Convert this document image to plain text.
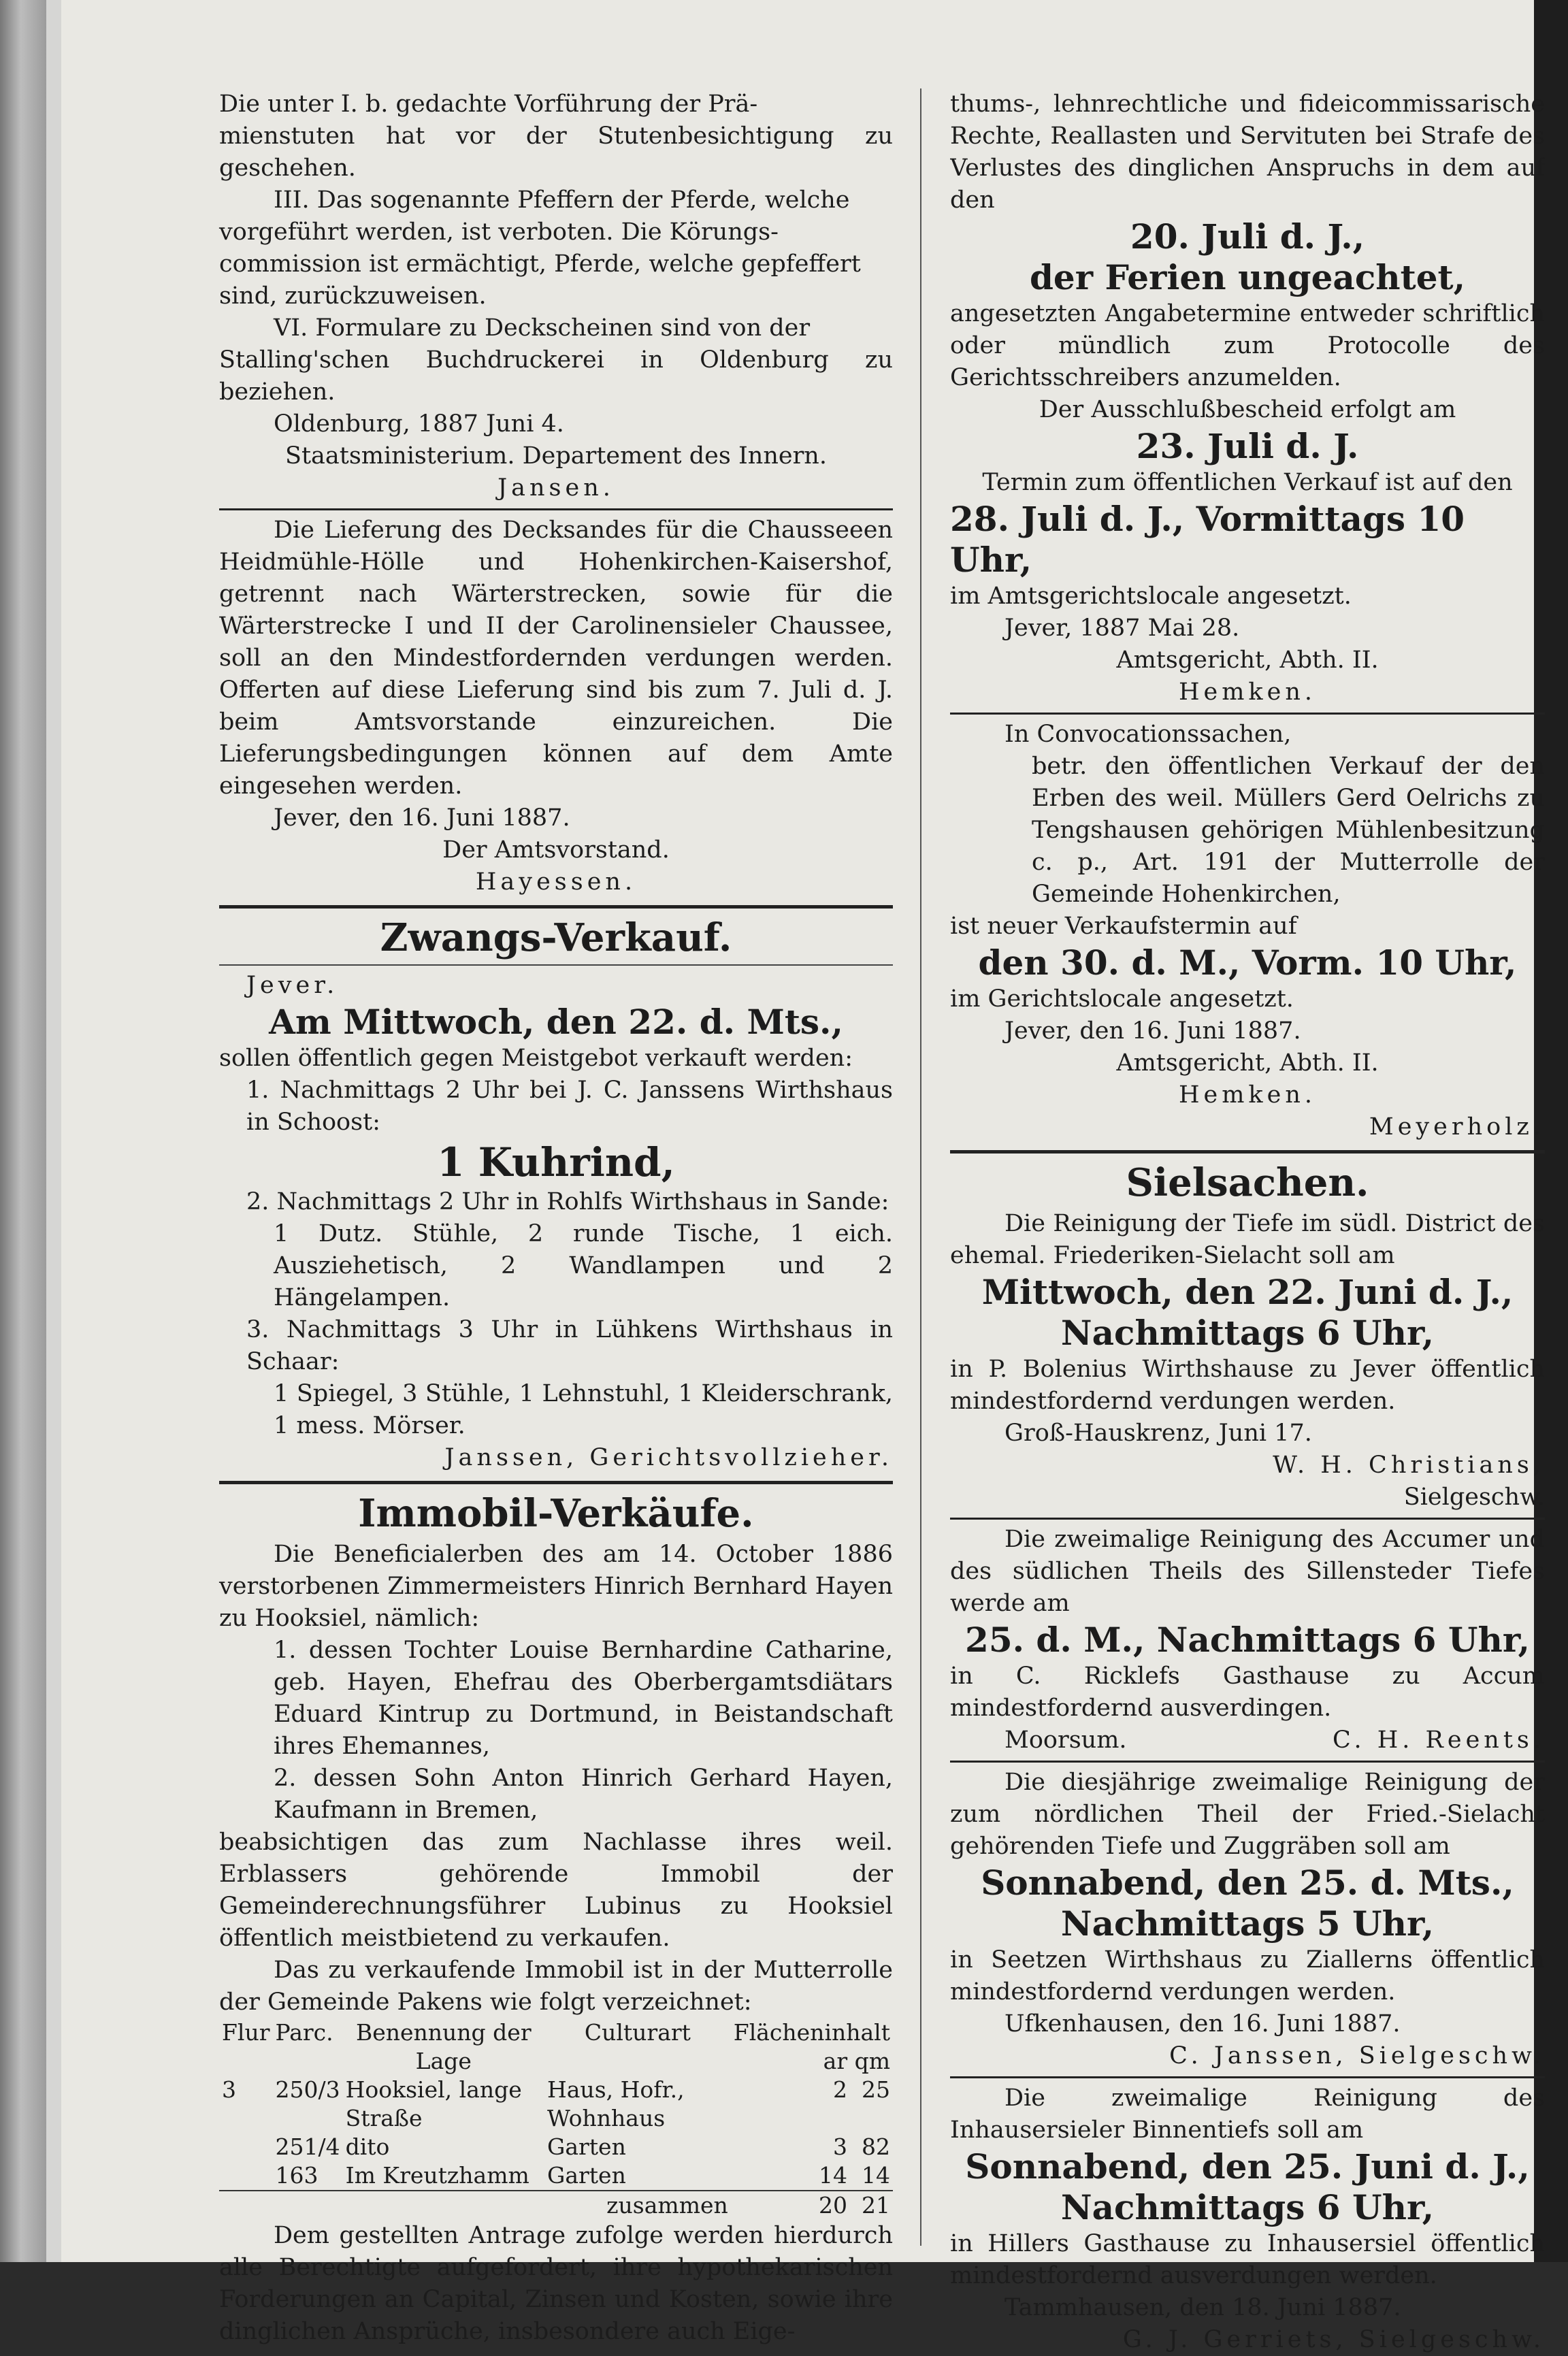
Die unter I. b. gedachte Vorführung der Prä-

mienstuten hat vor der Stutenbesichtigung zu geschehen.

III. Das sogenannte Pfeffern der Pferde, welche

vorgeführt werden, ist verboten. Die Körungs-

commission ist ermächtigt, Pferde, welche gepfeffert

sind, zurückzuweisen.

VI. Formulare zu Deckscheinen sind von der

Stalling'schen Buchdruckerei in Oldenburg zu beziehen.

Oldenburg, 1887 Juni 4.

Staatsministerium. Departement des Innern.

Jansen.

Die Lieferung des Decksandes für die Chausseeen Heidmühle-Hölle und Hohenkirchen-Kaisershof, getrennt nach Wärterstrecken, sowie für die Wärterstrecke I und II der Carolinensieler Chaussee, soll an den Mindestfordernden verdungen werden. Offerten auf diese Lieferung sind bis zum 7. Juli d. J. beim Amtsvorstande einzureichen. Die Lieferungsbedingungen können auf dem Amte eingesehen werden.

Jever, den 16. Juni 1887.

Der Amtsvorstand.

Hayessen.

Zwangs-Verkauf.

Jever.

Am Mittwoch, den 22. d. Mts.,

sollen öffentlich gegen Meistgebot verkauft werden:

1. Nachmittags 2 Uhr bei J. C. Janssens Wirthshaus in Schoost:

1 Kuhrind,

2. Nachmittags 2 Uhr in Rohlfs Wirthshaus in Sande:

1 Dutz. Stühle, 2 runde Tische, 1 eich. Ausziehetisch, 2 Wandlampen und 2 Hängelampen.

3. Nachmittags 3 Uhr in Lühkens Wirthshaus in Schaar:

1 Spiegel, 3 Stühle, 1 Lehnstuhl, 1 Kleiderschrank, 1 mess. Mörser.

Janssen, Gerichtsvollzieher.

Immobil-Verkäufe.

Die Beneficialerben des am 14. October 1886 verstorbenen Zimmermeisters Hinrich Bernhard Hayen zu Hooksiel, nämlich:

1. dessen Tochter Louise Bernhardine Catharine, geb. Hayen, Ehefrau des Oberbergamtsdiätars Eduard Kintrup zu Dortmund, in Beistandschaft ihres Ehemannes,

2. dessen Sohn Anton Hinrich Gerhard Hayen, Kaufmann in Bremen,

beabsichtigen das zum Nachlasse ihres weil. Erblassers gehörende Immobil der Gemeinderechnungsführer Lubinus zu Hooksiel öffentlich meistbietend zu verkaufen.

Das zu verkaufende Immobil ist in der Mutterrolle der Gemeinde Pakens wie folgt verzeichnet:

Flur	Parc.	Benennung der Lage	Culturart	Flächeninhalt
ar qm

3	250/3	Hooksiel, lange Straße	Haus, Hofr., Wohnhaus	2 25
	251/4	dito	Garten	3 82
	163	Im Kreutzhamm	Garten	14 14
zusammen				20 21

Dem gestellten Antrage zufolge werden hierdurch alle Berechtigte aufgefordert, ihre hypothekarischen Forderungen an Capital, Zinsen und Kosten, sowie ihre dinglichen Ansprüche, insbesondere auch Eige-

thums-, lehnrechtliche und fideicommissarische Rechte, Reallasten und Servituten bei Strafe des Verlustes des dinglichen Anspruchs in dem auf den

20. Juli d. J.,
der Ferien ungeachtet,

angesetzten Angabetermine entweder schriftlich oder mündlich zum Protocolle des Gerichtsschreibers anzumelden.

Der Ausschlußbescheid erfolgt am

23. Juli d. J.

Termin zum öffentlichen Verkauf ist auf den

28. Juli d. J., Vormittags 10 Uhr,

im Amtsgerichtslocale angesetzt.

Jever, 1887 Mai 28.

Amtsgericht, Abth. II.

Hemken.

In Convocationssachen,

betr. den öffentlichen Verkauf der den Erben des weil. Müllers Gerd Oelrichs zu Tengshausen gehörigen Mühlenbesitzung c. p., Art. 191 der Mutterrolle der Gemeinde Hohenkirchen,

ist neuer Verkaufstermin auf

den 30. d. M., Vorm. 10 Uhr,

im Gerichtslocale angesetzt.

Jever, den 16. Juni 1887.

Amtsgericht, Abth. II.

Hemken.

Meyerholz.

Sielsachen.

Die Reinigung der Tiefe im südl. District des ehemal. Friederiken-Sielacht soll am

Mittwoch, den 22. Juni d. J.,
Nachmittags 6 Uhr,

in P. Bolenius Wirthshause zu Jever öffentlich mindestfordernd verdungen werden.

Groß-Hauskrenz, Juni 17.

W. H. Christians,

Sielgeschw.

Die zweimalige Reinigung des Accumer und des südlichen Theils des Sillensteder Tiefes werde am

25. d. M., Nachmittags 6 Uhr,

in C. Ricklefs Gasthause zu Accum mindestfordernd ausverdingen.

Moorsum.	C. H. Reents.

Die diesjährige zweimalige Reinigung der zum nördlichen Theil der Fried.-Sielacht gehörenden Tiefe und Zuggräben soll am

Sonnabend, den 25. d. Mts.,
Nachmittags 5 Uhr,

in Seetzen Wirthshaus zu Ziallerns öffentlich mindestfordernd verdungen werden.

Ufkenhausen, den 16. Juni 1887.

C. Janssen, Sielgeschw.

Die zweimalige Reinigung des Inhausersieler Binnentiefs soll am

Sonnabend, den 25. Juni d. J.,
Nachmittags 6 Uhr,

in Hillers Gasthause zu Inhausersiel öffentlich mindestfordernd ausverdungen werden.

Tammhausen, den 18. Juni 1887.

G. J. Gerriets, Sielgeschw.
